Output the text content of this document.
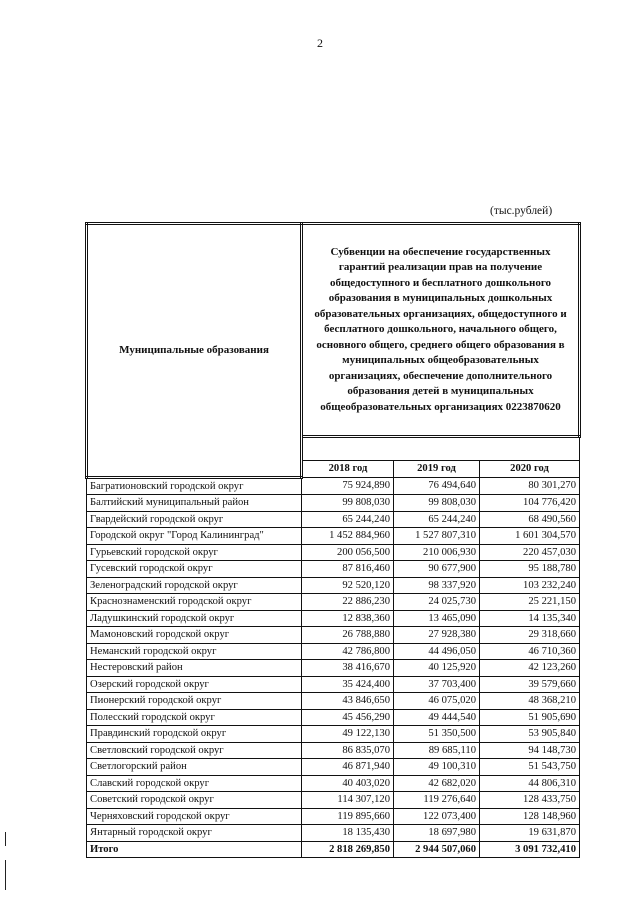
2
(тыс.рублей)
Муниципальные образования	Субвенции на обеспечение государственных гарантий реализации прав на получение общедоступного и бесплатного дошкольного образования в муниципальных дошкольных образовательных организациях, общедоступного и бесплатного дошкольного, начального общего, основного общего, среднего общего образования в муниципальных общеобразовательных организациях, обеспечение дополнительного образования детей в муниципальных общеобразовательных организациях 0223870620		

	2018 год	2019 год	2020 год
Багратионовский городской округ	75 924,890	76 494,640	80 301,270
Балтийский муниципальный район	99 808,030	99 808,030	104 776,420
Гвардейский городской округ	65 244,240	65 244,240	68 490,560
Городской округ "Город Калининград"	1 452 884,960	1 527 807,310	1 601 304,570
Гурьевский городской округ	200 056,500	210 006,930	220 457,030
Гусевский городской округ	87 816,460	90 677,900	95 188,780
Зеленоградский городской округ	92 520,120	98 337,920	103 232,240
Краснознаменский городской округ	22 886,230	24 025,730	25 221,150
Ладушкинский городской округ	12 838,360	13 465,090	14 135,340
Мамоновский городской округ	26 788,880	27 928,380	29 318,660
Неманский городской округ	42 786,800	44 496,050	46 710,360
Нестеровский район	38 416,670	40 125,920	42 123,260
Озерский городской округ	35 424,400	37 703,400	39 579,660
Пионерский городской округ	43 846,650	46 075,020	48 368,210
Полесский городской округ	45 456,290	49 444,540	51 905,690
Правдинский городской округ	49 122,130	51 350,500	53 905,840
Светловский городской округ	86 835,070	89 685,110	94 148,730
Светлогорский район	46 871,940	49 100,310	51 543,750
Славский городской округ	40 403,020	42 682,020	44 806,310
Советский городской округ	114 307,120	119 276,640	128 433,750
Черняховский городской округ	119 895,660	122 073,400	128 148,960
Янтарный городской округ	18 135,430	18 697,980	19 631,870
Итого	2 818 269,850	2 944 507,060	3 091 732,410
